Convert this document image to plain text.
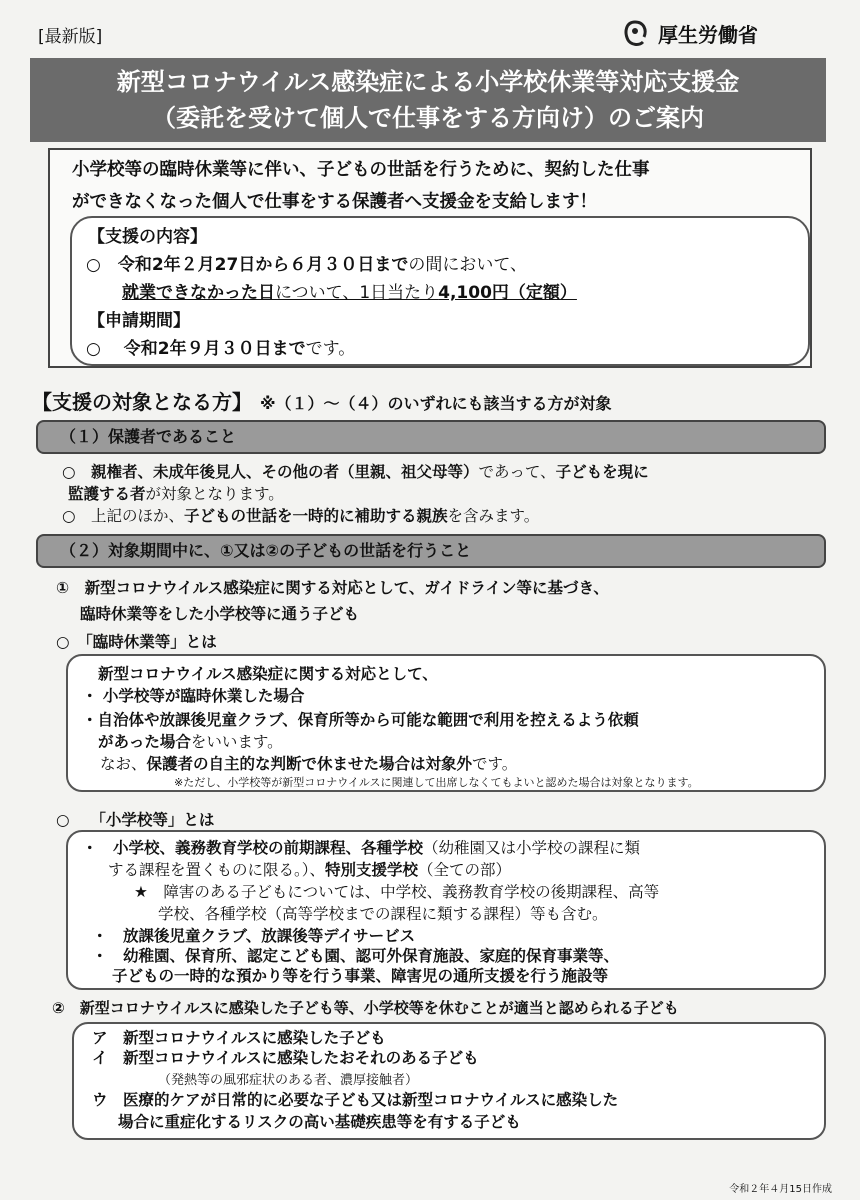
[最新版]	厚生労働省
新型コロナウイルス感染症による小学校休業等対応支援金
（委託を受けて個人で仕事をする方向け）のご案内
小学校等の臨時休業等に伴い、子どもの世話を行うために、契約した仕事
ができなくなった個人で仕事をする保護者へ支援金を支給します！
【支援の内容】
○　令和2年２月27日から６月３０日までの間において、
就業できなかった日について、1日当たり4,100円（定額）
【申請期間】
○　 令和2年９月３０日までです。
【支援の対象となる方】 ※（１）～（４）のいずれにも該当する方が対象
（１）保護者であること
○　親権者、未成年後見人、その他の者（里親、祖父母等）であって、子どもを現に
監護する者が対象となります。
○　上記のほか、子どもの世話を一時的に補助する親族を含みます。
（２）対象期間中に、①又は②の子どもの世話を行うこと
①　新型コロナウイルス感染症に関する対応として、ガイドライン等に基づき、
臨時休業等をした小学校等に通う子ども
○　「臨時休業等」とは
新型コロナウイルス感染症に関する対応として、
・ 小学校等が臨時休業した場合
・自治体や放課後児童クラブ、保育所等から可能な範囲で利用を控えるよう依頼
があった場合をいいます。
なお、保護者の自主的な判断で休ませた場合は対象外です。
※ただし、小学校等が新型コロナウイルスに関連して出席しなくてもよいと認めた場合は対象となります。
○　 「小学校等」とは
・　小学校、義務教育学校の前期課程、各種学校（幼稚園又は小学校の課程に類
する課程を置くものに限る。）、特別支援学校（全ての部）
★　障害のある子どもについては、中学校、義務教育学校の後期課程、高等
学校、各種学校（高等学校までの課程に類する課程）等も含む。
・　放課後児童クラブ、放課後等デイサービス
・　幼稚園、保育所、認定こども園、認可外保育施設、家庭的保育事業等、
子どもの一時的な預かり等を行う事業、障害児の通所支援を行う施設等
②　新型コロナウイルスに感染した子ども等、小学校等を休むことが適当と認められる子ども
ア　新型コロナウイルスに感染した子ども
イ　新型コロナウイルスに感染したおそれのある子ども
（発熱等の風邪症状のある者、濃厚接触者）
ウ　医療的ケアが日常的に必要な子ども又は新型コロナウイルスに感染した
場合に重症化するリスクの高い基礎疾患等を有する子ども
令和２年４月15日作成
